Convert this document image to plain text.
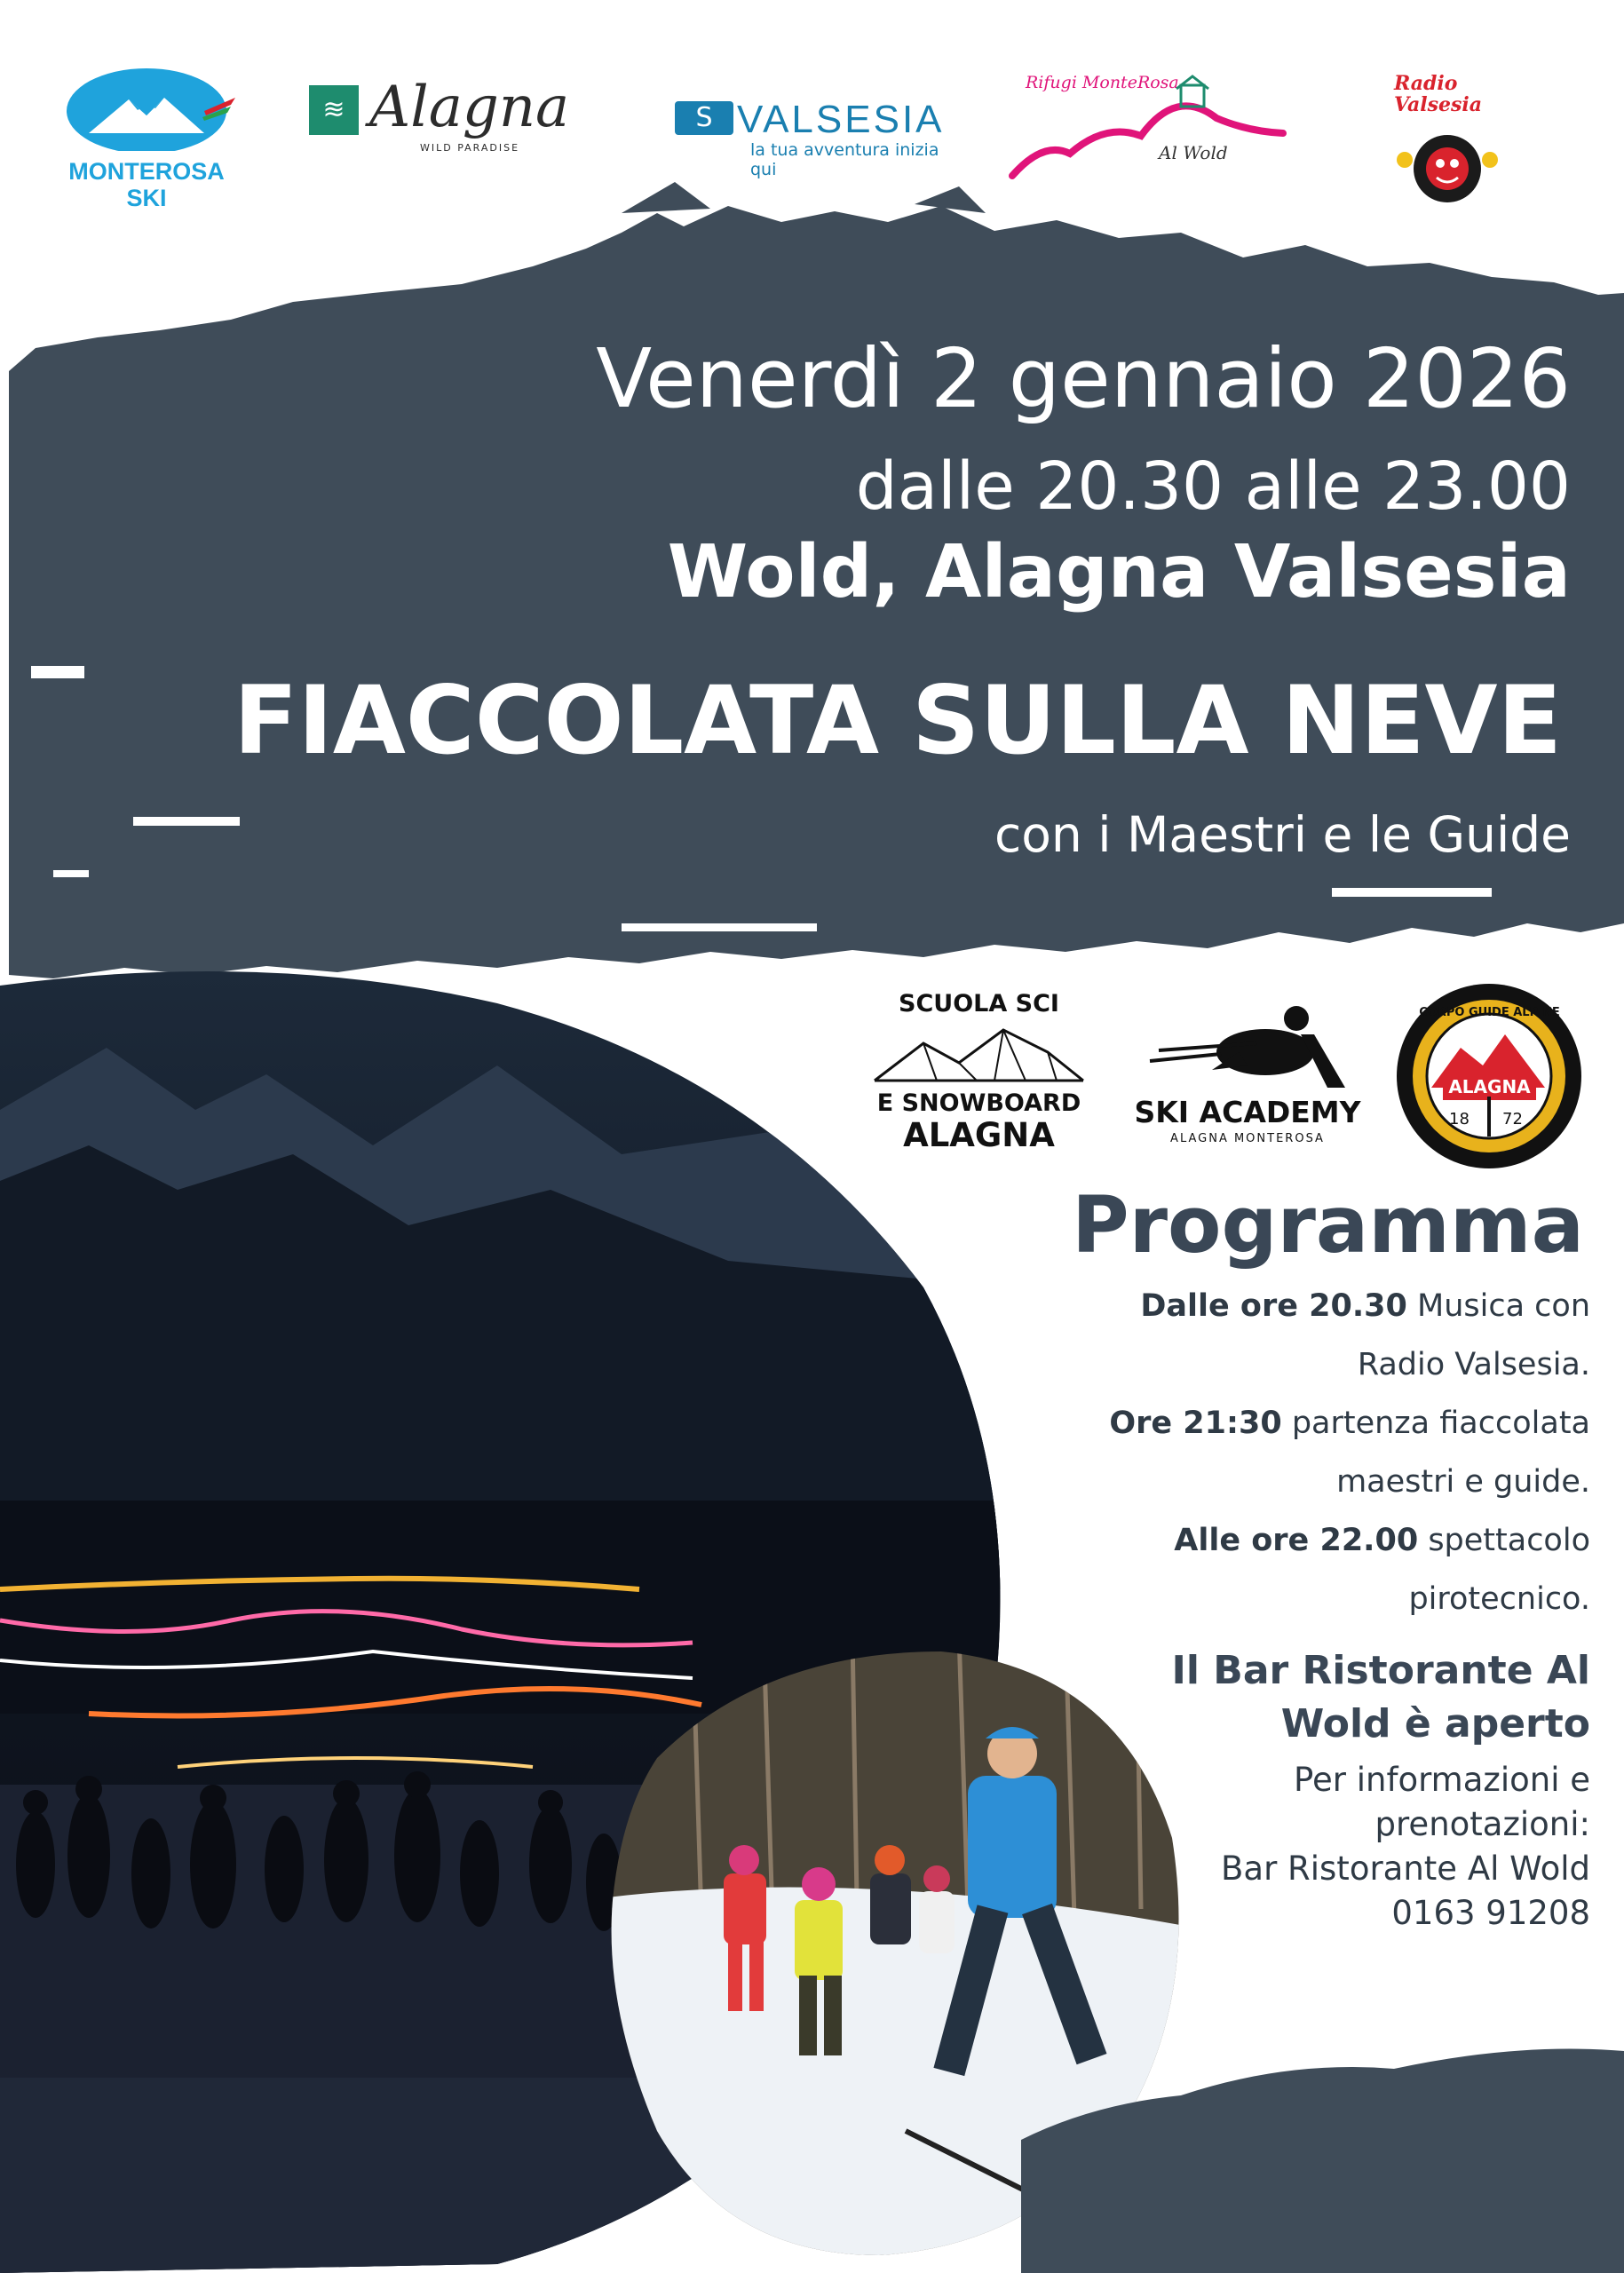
MONTEROSA
SKI
≋ Alagna
WILD PARADISE
S VALSESIA
la tua avventura inizia qui
Rifugi MonteRosa
Al Wold
Radio Valsesia
Venerdì 2 gennaio 2026
dalle 20.30 alle 23.00
Wold, Alagna Valsesia
FIACCOLATA SULLA NEVE
con i Maestri e le Guide
SCUOLA SCI
E SNOWBOARD
ALAGNA
SKI ACADEMY
ALAGNA MONTEROSA
CORPO GUIDE ALPINE
ALAGNA
18 72
Programma
Dalle ore 20.30 Musica con
Radio Valsesia.
Ore 21:30 partenza fiaccolata
maestri e guide.
Alle ore 22.00 spettacolo
pirotecnico.
Il Bar Ristorante Al
Wold è aperto
Per informazioni e
prenotazioni:
Bar Ristorante Al Wold
0163 91208
